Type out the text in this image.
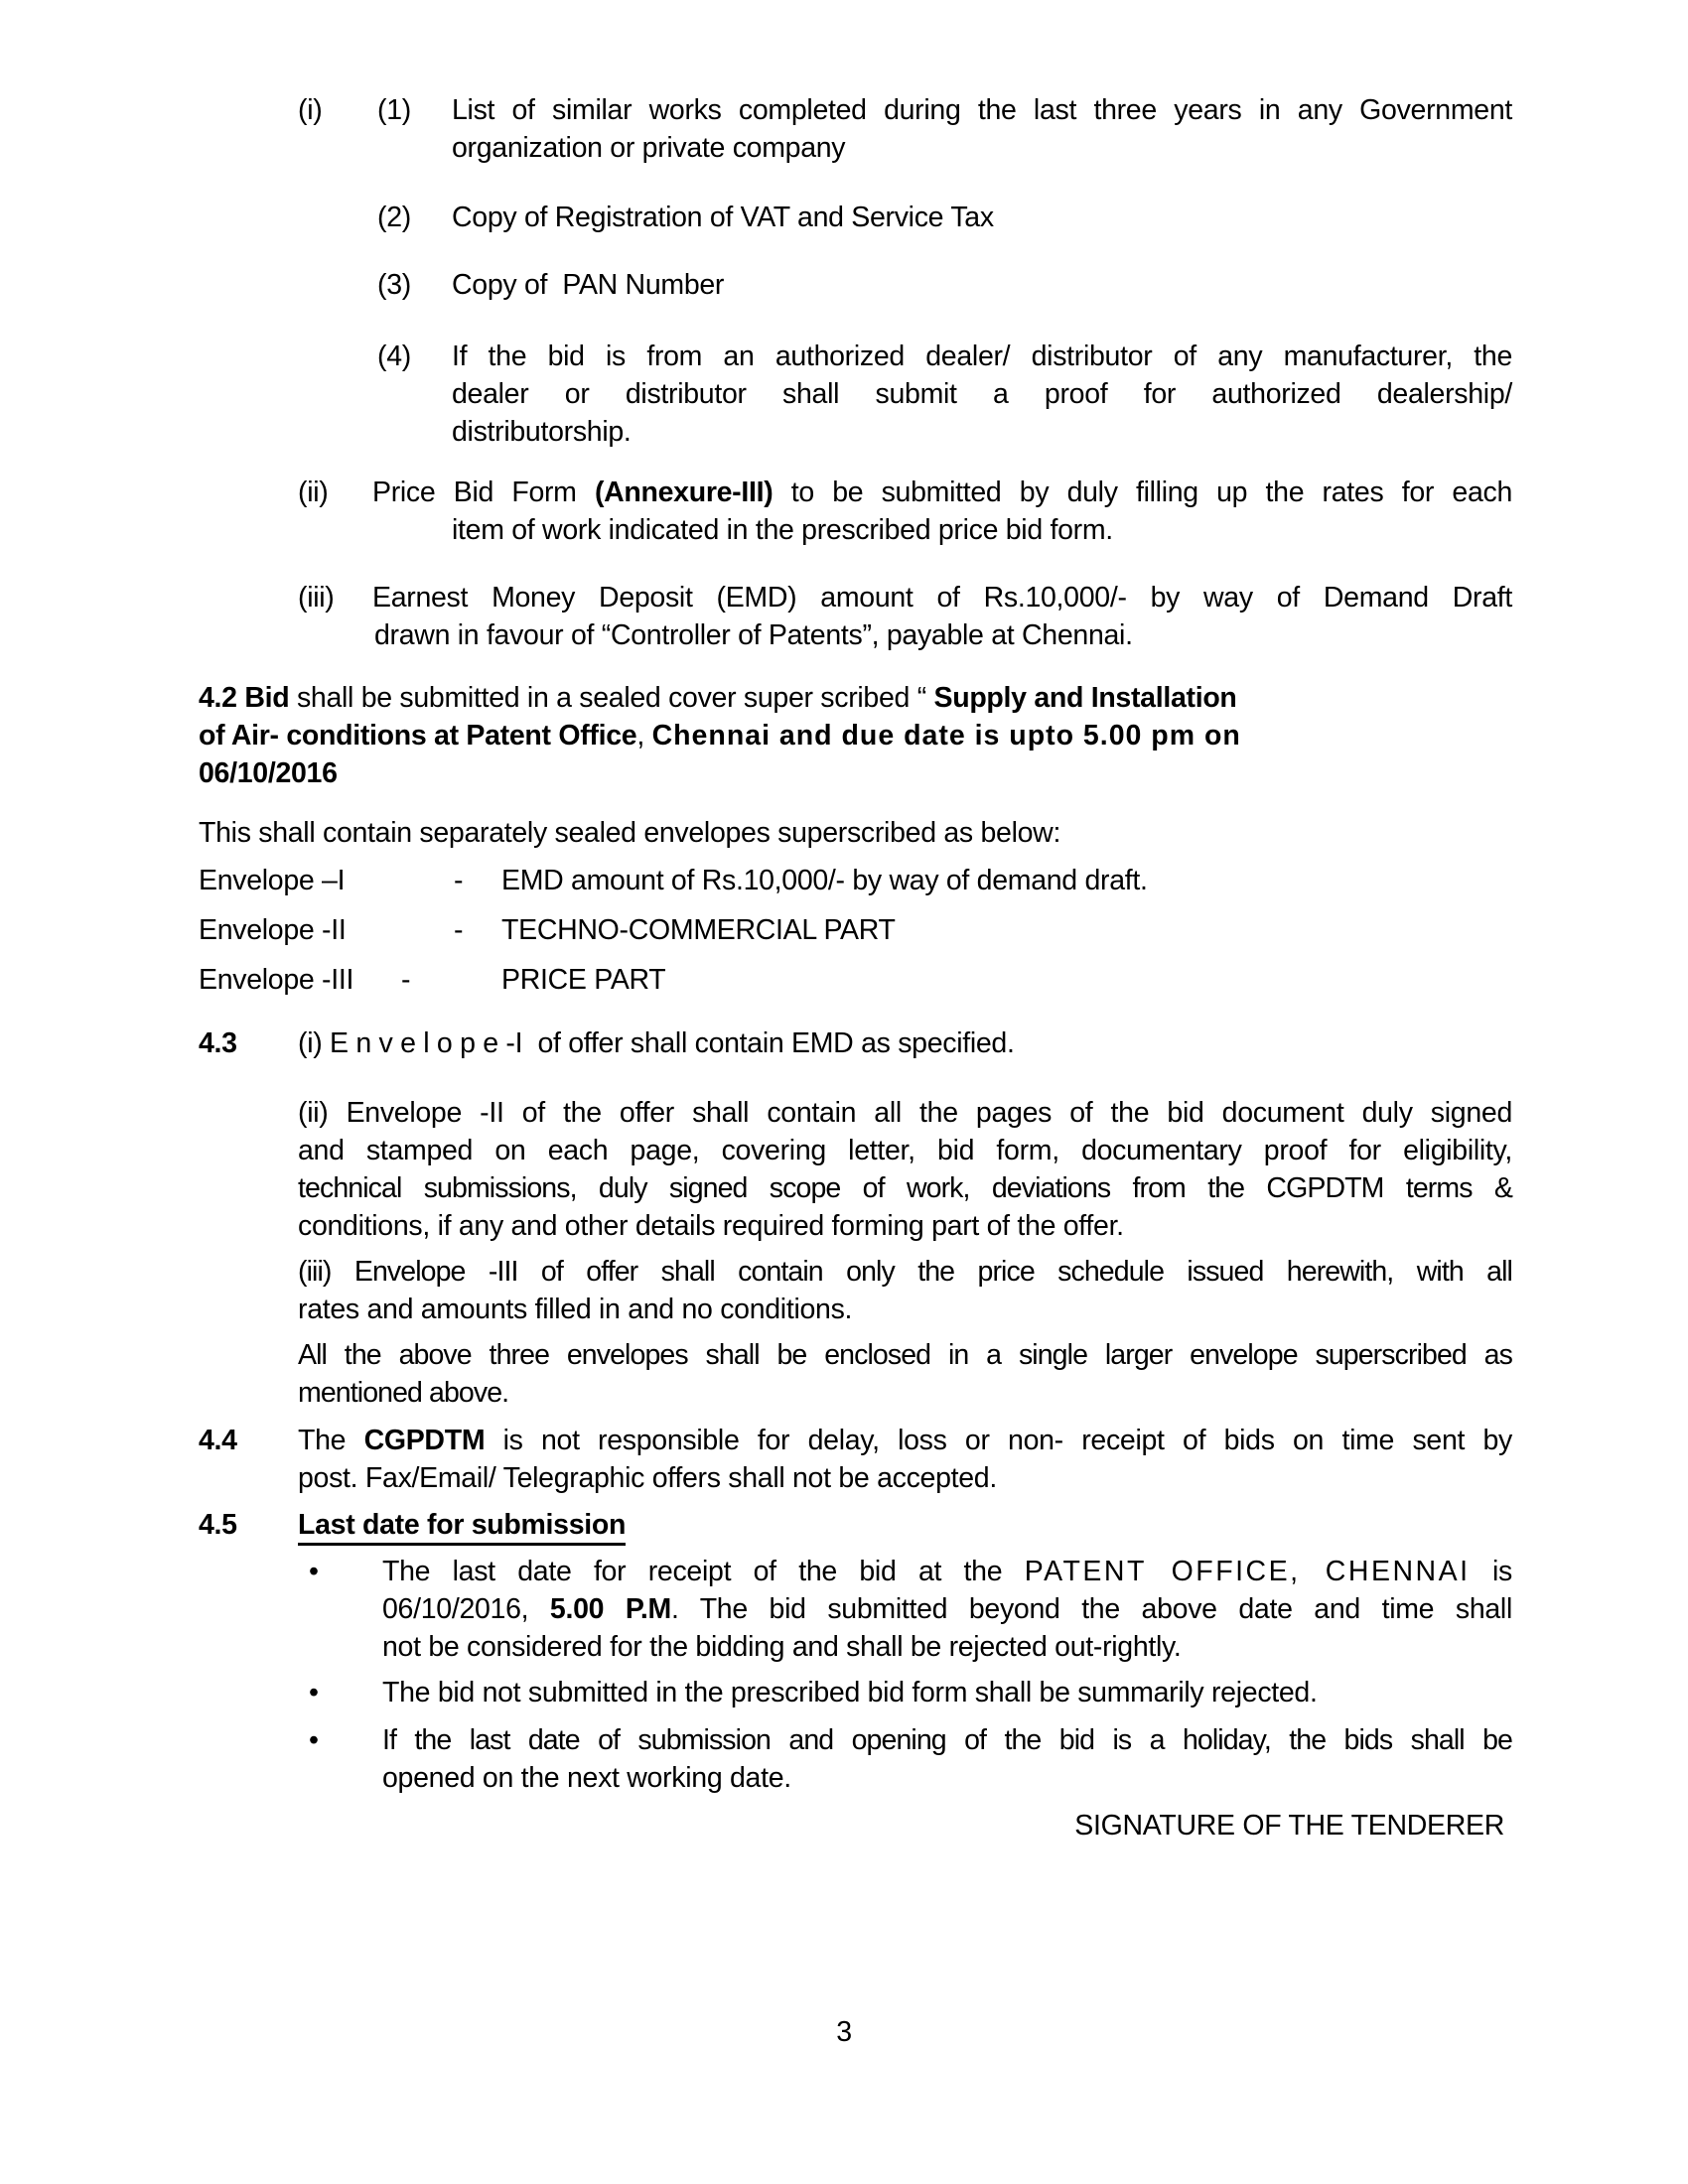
(i) (1) List of similar works completed during the last three years in any Government
organization or private company
(2) Copy of Registration of VAT and Service Tax
(3) Copy of  PAN Number
(4) If the bid is from an authorized dealer/ distributor of any manufacturer, the
dealer or distributor shall submit a proof for authorized dealership/
distributorship.
(ii) Price Bid Form (Annexure-III) to be submitted by duly filling up the rates for each
item of work indicated in the prescribed price bid form.
(iii) Earnest Money Deposit (EMD) amount of Rs.10,000/- by way of Demand Draft
drawn in favour of “Controller of Patents”, payable at Chennai.
4.2 Bid shall be submitted in a sealed cover super scribed “ Supply and Installation
of Air- conditions at Patent Office, Chennai and due date is upto 5.00 pm on
06/10/2016
This shall contain separately sealed envelopes superscribed as below:
Envelope –I	- EMD amount of Rs.10,000/- by way of demand draft.
Envelope -II	- TECHNO-COMMERCIAL PART
Envelope -III -	PRICE PART
4.3 (i) E n v e l o p e -I  of offer shall contain EMD as specified.
(ii) Envelope -II of the offer shall contain all the pages of the bid document duly signed
and stamped on each page, covering letter, bid form, documentary proof for eligibility,
technical submissions, duly signed scope of work, deviations from the CGPDTM terms &
conditions, if any and other details required forming part of the offer.
(iii) Envelope -III of offer shall contain only the price schedule issued herewith, with all
rates and amounts filled in and no conditions.
All the above three envelopes shall be enclosed in a single larger envelope superscribed as
mentioned above.
4.4 The CGPDTM is not responsible for delay, loss or non- receipt of bids on time sent by
post. Fax/Email/ Telegraphic offers shall not be accepted.
4.5 Last date for submission
• The last date for receipt of the bid at the PATENT OFFICE, CHENNAI is
06/10/2016, 5.00 P.M. The bid submitted beyond the above date and time shall
not be considered for the bidding and shall be rejected out-rightly.
• The bid not submitted in the prescribed bid form shall be summarily rejected.
• If the last date of submission and opening of the bid is a holiday, the bids shall be
opened on the next working date.
SIGNATURE OF THE TENDERER
3
